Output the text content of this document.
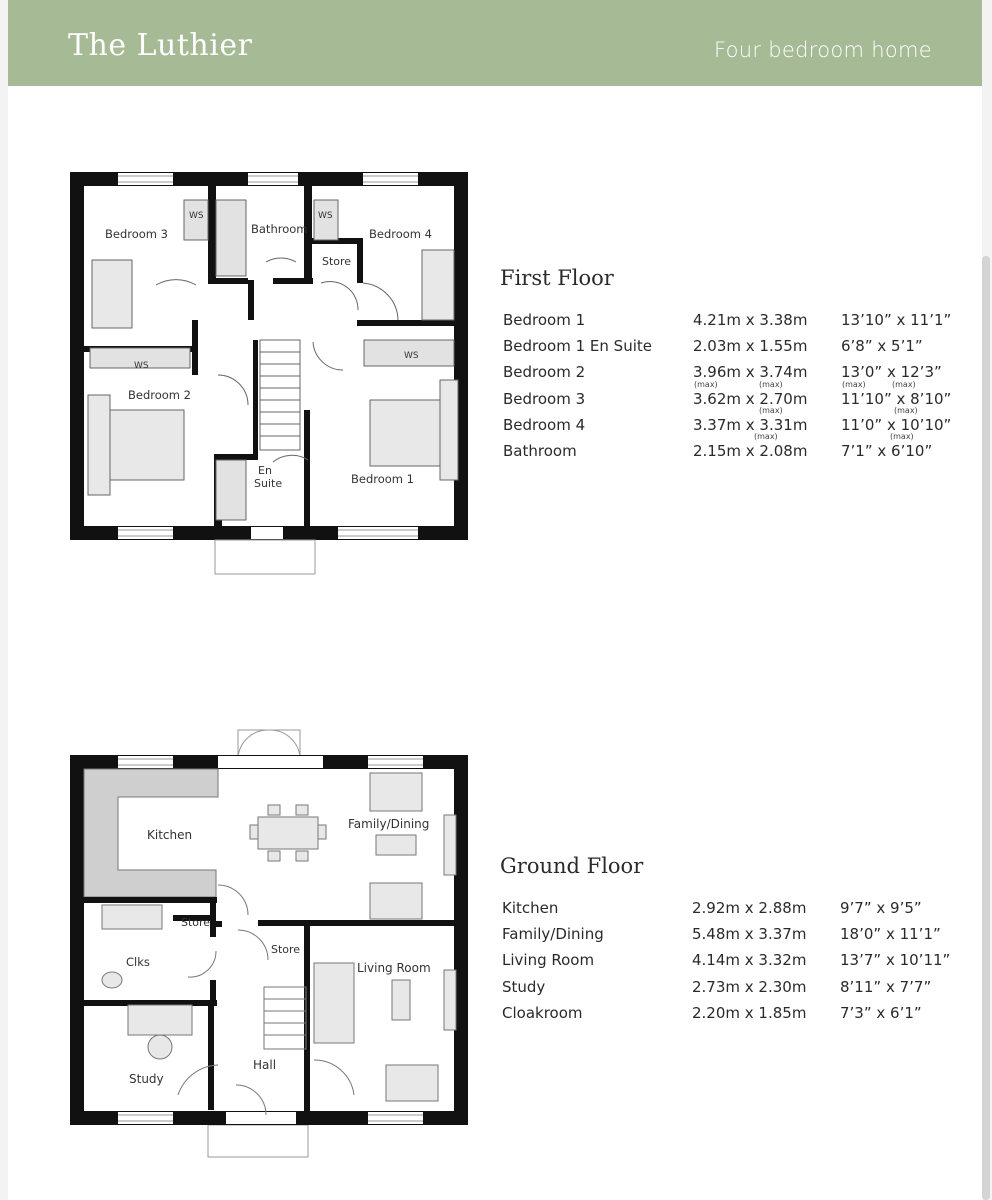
The Luthier	Four bedroom home
Bedroom 3	Bedroom 4
Bathroom
Store
Bedroom 2
Bedroom 1
En
Suite
WS	WS
WS
WS
First Floor
Bedroom 1	4.21m x 3.38m 13’10” x 11’1”
Bedroom 1 En Suite	2.03m x 1.55m 6’8” x 5’1”
Bedroom 2	3.96m x 3.74m 13’0” x 12’3”
Bedroom 3	3.62m x 2.70m 11’10” x 8’10”
Bedroom 4	3.37m x 3.31m 11’0” x 10’10”
Bathroom	2.15m x 2.08m 7’1” x 6’10”
(max)	(max)	(max)	(max)
(max)	(max)
(max)	(max)
Kitchen
Family/Dining
Store
Store
Clks	Living Room
Hall
Study
Ground Floor
Kitchen	2.92m x 2.88m 9’7” x 9’5”
Family/Dining	5.48m x 3.37m 18’0” x 11’1”
Living Room	4.14m x 3.32m 13’7” x 10’11”
Study	2.73m x 2.30m 8’11” x 7’7”
Cloakroom	2.20m x 1.85m 7’3” x 6’1”
